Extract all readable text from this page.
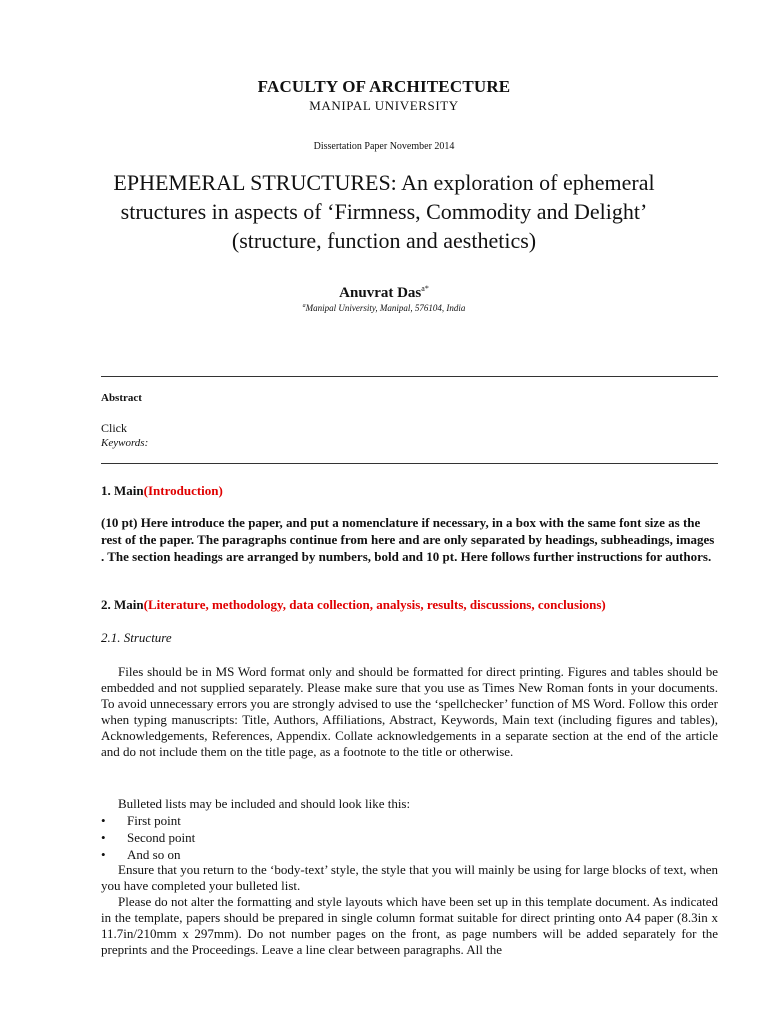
FACULTY OF ARCHITECTURE
MANIPAL UNIVERSITY
Dissertation Paper November 2014
EPHEMERAL STRUCTURES: An exploration of ephemeral structures in aspects of ‘Firmness, Commodity and Delight’ (structure, function and aesthetics)
Anuvrat Das$^{a*}$
$^a$Manipal University, Manipal, 576104, India
Abstract
Click
Keywords:
1. Main(Introduction)
(10 pt) Here introduce the paper, and put a nomenclature if necessary, in a box with the same font size as the rest of the paper. The paragraphs continue from here and are only separated by headings, subheadings, images . The section headings are arranged by numbers, bold and 10 pt. Here follows further instructions for authors.
2. Main(Literature, methodology, data collection, analysis, results, discussions, conclusions)
2.1. Structure
Files should be in MS Word format only and should be formatted for direct printing. Figures and tables should be embedded and not supplied separately. Please make sure that you use as Times New Roman fonts in your documents. To avoid unnecessary errors you are strongly advised to use the ‘spellchecker’ function of MS Word. Follow this order when typing manuscripts: Title, Authors, Affiliations, Abstract, Keywords, Main text (including figures and tables), Acknowledgements, References, Appendix. Collate acknowledgements in a separate section at the end of the article and do not include them on the title page, as a footnote to the title or otherwise.
Bulleted lists may be included and should look like this:
•	First point
•	Second point
•	And so on
Ensure that you return to the ‘body-text’ style, the style that you will mainly be using for large blocks of text, when you have completed your bulleted list.
Please do not alter the formatting and style layouts which have been set up in this template document. As indicated in the template, papers should be prepared in single column format suitable for direct printing onto A4 paper (8.3in x 11.7in/210mm x 297mm). Do not number pages on the front, as page numbers will be added separately for the preprints and the Proceedings. Leave a line clear between paragraphs. All the
